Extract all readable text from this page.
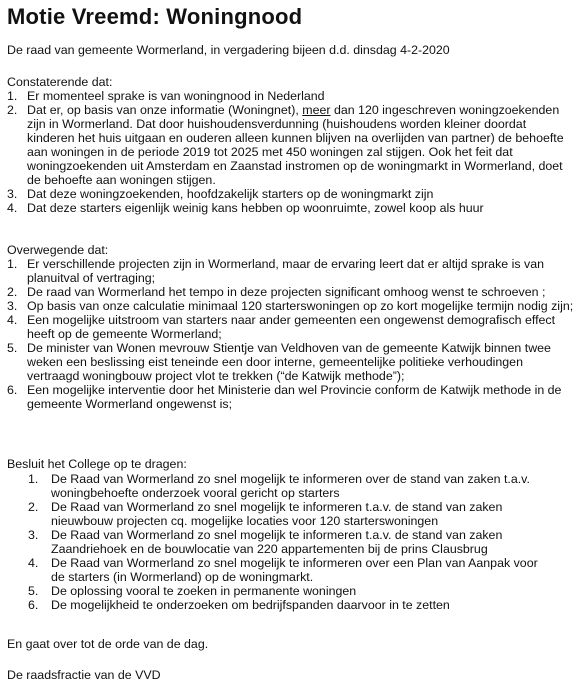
Motie Vreemd: Woningnood

De raad van gemeente Wormerland, in vergadering bijeen d.d. dinsdag 4-2-2020

Constaterende dat:

1. Er momenteel sprake is van woningnood in Nederland
2. Dat er, op basis van onze informatie (Woningnet), meer dan 120 ingeschreven woningzoekenden zijn in Wormerland. Dat door huishoudensverdunning (huishoudens worden kleiner doordat kinderen het huis uitgaan en ouderen alleen kunnen blijven na overlijden van partner) de behoefte aan woningen in de periode 2019 tot 2025 met 450 woningen zal stijgen. Ook het feit dat woningzoekenden uit Amsterdam en Zaanstad instromen op de woningmarkt in Wormerland, doet de behoefte aan woningen stijgen.
3. Dat deze woningzoekenden, hoofdzakelijk starters op de woningmarkt zijn
4. Dat deze starters eigenlijk weinig kans hebben op woonruimte, zowel koop als huur

Overwegende dat:

1. Er verschillende projecten zijn in Wormerland, maar de ervaring leert dat er altijd sprake is van planuitval of vertraging;
2. De raad van Wormerland het tempo in deze projecten significant omhoog wenst te schroeven ;
3. Op basis van onze calculatie minimaal 120 starterswoningen op zo kort mogelijke termijn nodig zijn;
4. Een mogelijke uitstroom van starters naar ander gemeenten een ongewenst demografisch effect heeft op de gemeente Wormerland;
5. De minister van Wonen mevrouw Stientje van Veldhoven van de gemeente Katwijk binnen twee weken een beslissing eist teneinde een door interne, gemeentelijke politieke verhoudingen vertraagd woningbouw project vlot te trekken (“de Katwijk methode”);
6. Een mogelijke interventie door het Ministerie dan wel Provincie conform de Katwijk methode in de gemeente Wormerland ongewenst is;

Besluit het College op te dragen:

1. De Raad van Wormerland zo snel mogelijk te informeren over de stand van zaken t.a.v. woningbehoefte onderzoek vooral gericht op starters
2. De Raad van Wormerland zo snel mogelijk te informeren t.a.v. de stand van zaken nieuwbouw projecten cq. mogelijke locaties voor 120 starterswoningen
3. De Raad van Wormerland zo snel mogelijk te informeren t.a.v. de stand van zaken Zaandriehoek en de bouwlocatie van 220 appartementen bij de prins Clausbrug
4. De Raad van Wormerland zo snel mogelijk te informeren over een Plan van Aanpak voor de starters (in Wormerland) op de woningmarkt.
5. De oplossing vooral te zoeken in permanente woningen
6. De mogelijkheid te onderzoeken om bedrijfspanden daarvoor in te zetten

En gaat over tot de orde van de dag.

De raadsfractie van de VVD
